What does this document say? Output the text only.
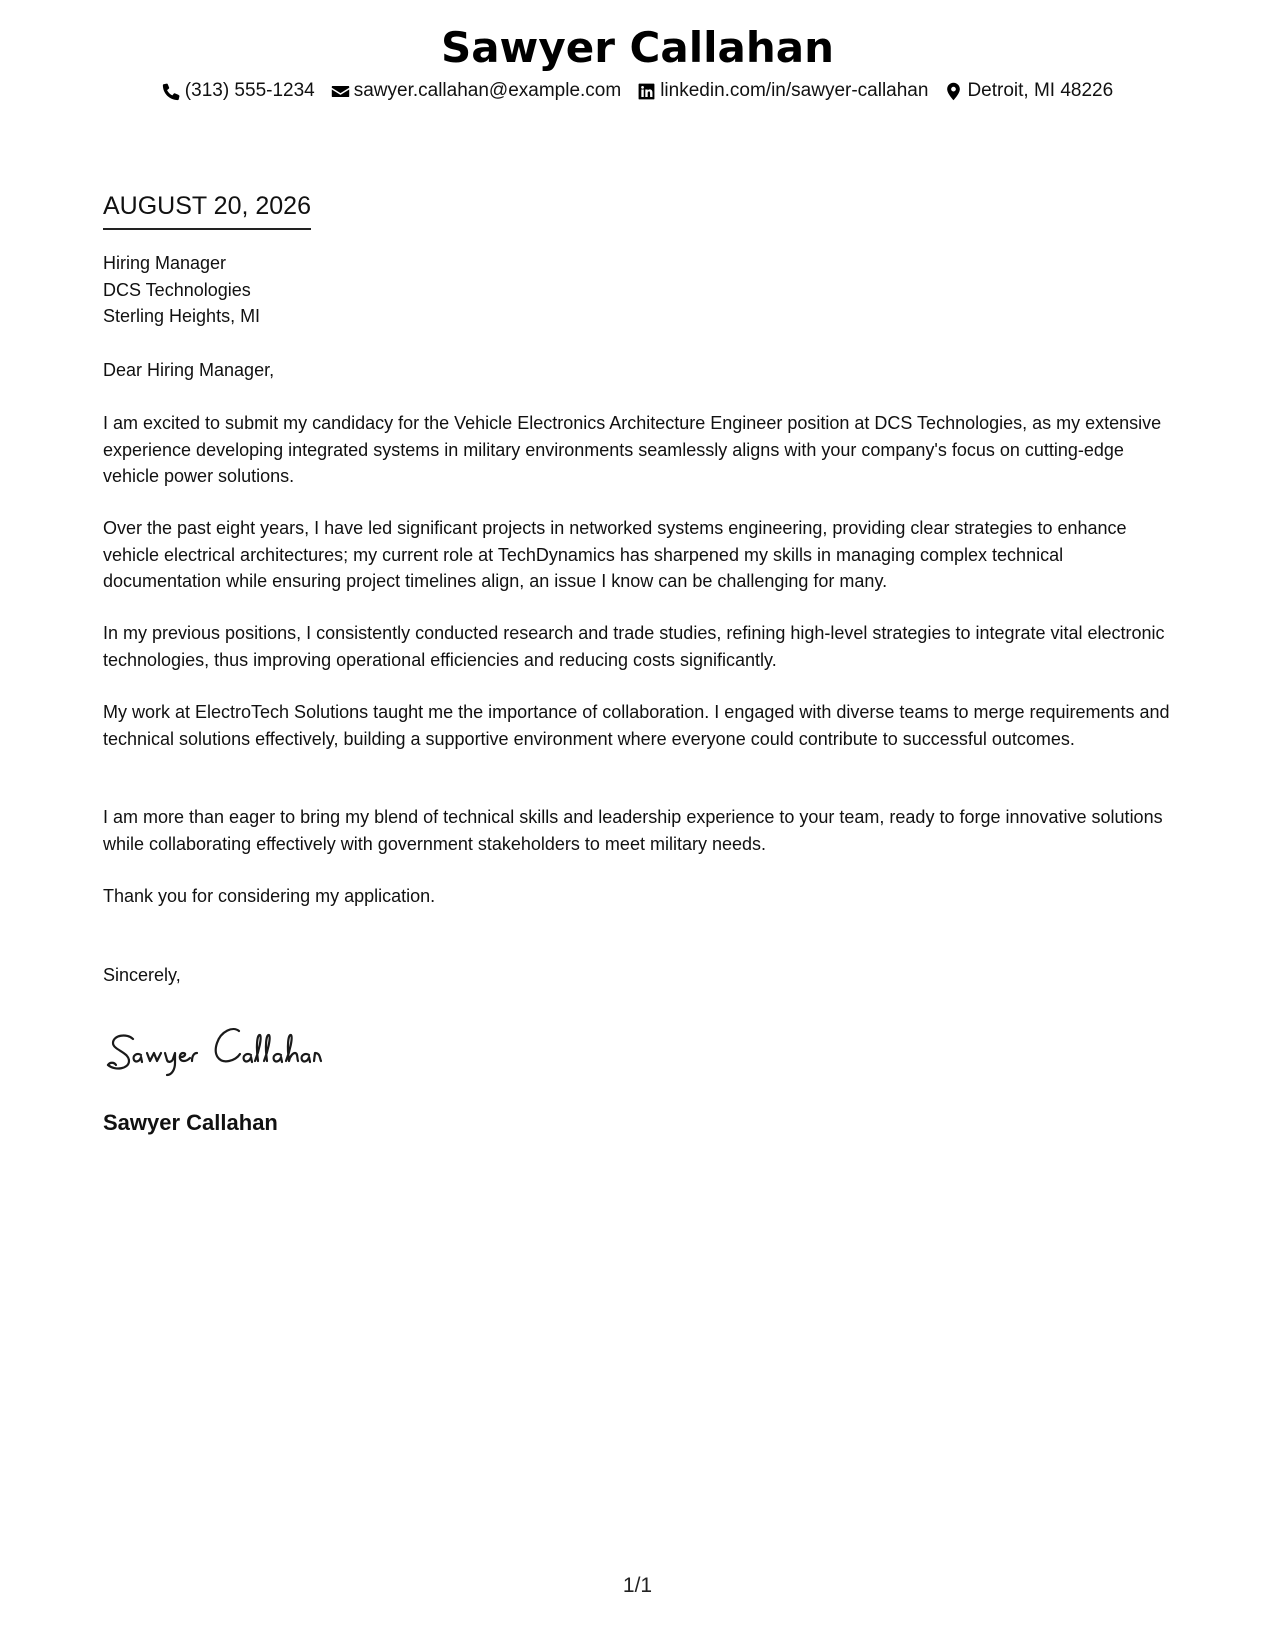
Sawyer Callahan
(313) 555-1234 sawyer.callahan@example.com linkedin.com/in/sawyer-callahan Detroit, MI 48226
AUGUST 20, 2026
Hiring Manager
DCS Technologies
Sterling Heights, MI
Dear Hiring Manager,

I am excited to submit my candidacy for the Vehicle Electronics Architecture Engineer position at DCS Technologies, as my extensive experience developing integrated systems in military environments seamlessly aligns with your company's focus on cutting-edge vehicle power solutions.

Over the past eight years, I have led significant projects in networked systems engineering, providing clear strategies to enhance vehicle electrical architectures; my current role at TechDynamics has sharpened my skills in managing complex technical documentation while ensuring project timelines align, an issue I know can be challenging for many.

In my previous positions, I consistently conducted research and trade studies, refining high-level strategies to integrate vital electronic technologies, thus improving operational efficiencies and reducing costs significantly.

My work at ElectroTech Solutions taught me the importance of collaboration. I engaged with diverse teams to merge requirements and technical solutions effectively, building a supportive environment where everyone could contribute to successful outcomes.

I am more than eager to bring my blend of technical skills and leadership experience to your team, ready to forge innovative solutions while collaborating effectively with government stakeholders to meet military needs.

Thank you for considering my application.

Sincerely,
Sawyer Callahan
1/1
